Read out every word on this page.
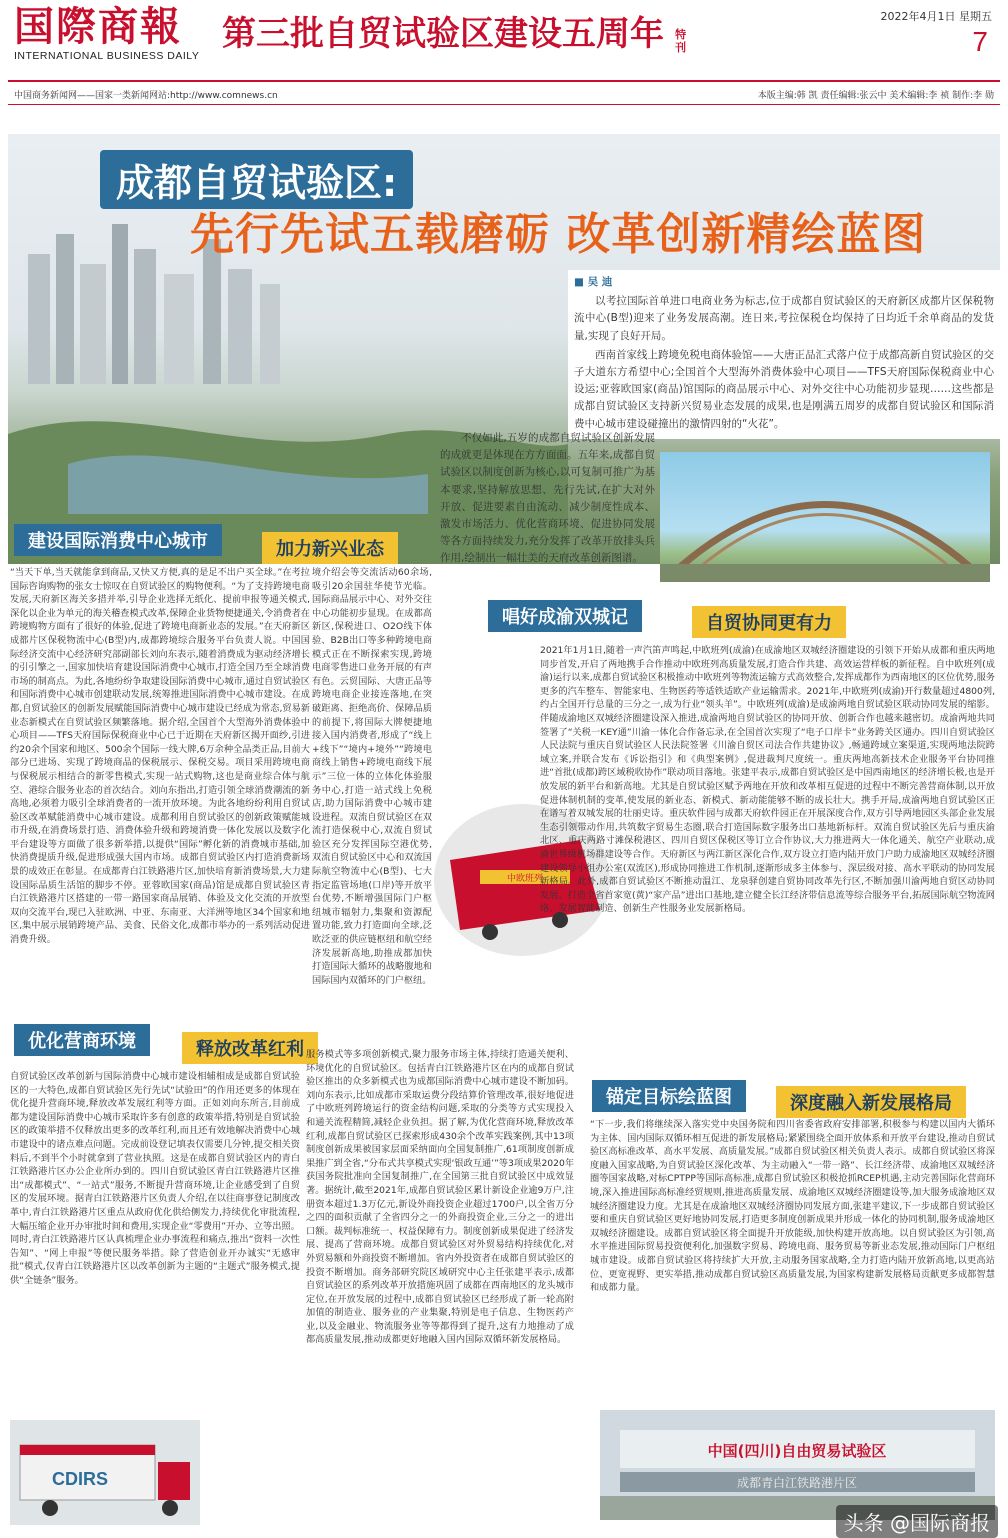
国際商報
INTERNATIONAL BUSINESS DAILY
第三批自贸试验区建设五周年 特刊
2022年4月1日 星期五
7
中国商务新闻网——国家一类新闻网站:http://www.comnews.cn	本版主编:韩 凯 责任编辑:张云中 美术编辑:李 祯 制作:李 勋
成都自贸试验区:
先行先试五载磨砺 改革创新精绘蓝图
■ 吴 迪

以考拉国际首单进口电商业务为标志,位于成都自贸试验区的天府新区成都片区保税物流中心(B型)迎来了业务发展高潮。连日来,考拉保税仓均保持了日均近千余单商品的发货量,实现了良好开局。

西南首家线上跨境免税电商体验馆——大唐正品汇式落户位于成都高新自贸试验区的交子大道东方希望中心;全国首个大型海外消费体验中心项目——TFS天府国际保税商业中心设运;亚蓉欧国家(商品)馆国际的商品展示中心、对外交往中心功能初步显现……这些都是成都自贸试验区支持新兴贸易业态发展的成果,也是刚满五周岁的成都自贸试验区和国际消费中心城市建设碰撞出的激情四射的“火花”。

不仅如此,五岁的成都自贸试验区创新发展的成就更是体现在方方面面。五年来,成都自贸试验区以制度创新为核心,以可复制可推广为基本要求,坚持解放思想、先行先试,在扩大对外开放、促进要素自由流动、减少制度性成本、激发市场活力、优化营商环境、促进协同发展等各方面持续发力,充分发挥了改革开放排头兵作用,绘制出一幅壮美的天府改革创新图谱。
建设国际消费中心城市	加力新兴业态
“当天下单,当天就能拿到商品,又快又方便,真的是足不出户买全球。”在考拉国际咨询购物的张女士惊叹在自贸试验区的购物便利。“为了支持跨境电商发展,天府新区海关多措并举,引导企业选择无纸化、提前申报等通关模式,深化以企业为单元的海关稽查模式改革,保障企业货物便捷通关,令消费者在跨境购物方面有了很好的体验,促进了跨境电商新业态的发展。”在天府新区成都片区保税物流中心(B型)内,成都跨境综合服务平台负责人说。中国国际经济交流中心经济研究部副部长刘向东表示,随着消费成为驱动经济增长的引引擎之一,国家加快培育建设国际消费中心城市,打造全国乃至全球消费市场的制高点。为此,各地纷纷争取建设国际消费中心城市,通过自贸试验区和国际消费中心城市创建联动发展,统筹推进国际消费中心城市建设。在成都,自贸试验区的创新发展赋能国际消费中心城市建设已经成为常态,贸易新业态新模式在自贸试验区频繁落地。据介绍,全国首个大型海外消费体验中心项目——TFS天府国际保税商业中心已于近期在天府新区揭开面纱,引进约20余个国家和地区、500余个国际一线大牌,6万余种全品类正品,目前大部分已进场、实现了跨境商品的保税展示、保税交易。项目采用跨境电商与保税展示相结合的新零售模式,实现一站式购物,这也是商业综合体与航空、港综合服务业态的首次结合。刘向东指出,打造引领全球消费潮流的新高地,必须着力吸引全球消费者的一流开放环境。为此各地纷纷利用自贸试验区改革赋能消费中心城市建设。成都利用自贸试验区的创新政策赋能城市升级,在消费场景打造、消费体验升级和跨境消费一体化发展以及数字化平台建设等方面做了很多新举措,以提供“国际”孵化新的消费城市基础,加快消费提质升级,促进形成强大国内市场。成都自贸试验区内打造消费新场景的成效正在彰显。在成都青白江铁路港片区,加快培育新消费场景,大力建设国际品质生活馆的脚步不停。亚蓉欧国家(商品)馆是成都自贸试验区青白江铁路港片区搭建的一带一路国家商品展销、体验及文化交流的开放型双向交流平台,现已入驻欧洲、中亚、东南亚、大洋洲等地区34个国家和地区,集中展示展销跨境产品、美食、民俗文化,成都市举办的一系列活动促进消费升级。
境介绍会等交流活动60余场,吸引20余国驻华使节光临。国际商品展示中心、对外交往中心功能初步显现。在成都高新区,保税进口、O2O线下体验、B2B出口等多种跨境电商模式正在不断探索实现,跨境电商零售进口业务开展的有声有色。云贸国际、大唐正品等跨境电商企业接连落地,在突破距离、拒绝高价、保障品质的前提下,将国际大牌便捷地接入国内消费者,形成了“线上+线下”“境内+境外”“跨境电商线上销售+跨境电商线下展示”三位一体的立体化体验服务中心,打造一站式线上免税店,助力国际消费中心城市建设进程。双流自贸试验区在双流打造保税中心,双流自贸试验区充分发挥国际空港优势,双流自贸试验区中心和双流国际航空物流中心(B型)、七大指定监管场地(口岸)等开放平台优势,不断增强国际门户枢纽城市辐射力,集聚和资源配置功能,致力打造面向全球,泛欧泛亚的供应链枢纽和航空经济发展新高地,助推成都加快打造国际大循环的战略腹地和国际国内双循环的门户枢纽。
中欧班列
唱好成渝双城记	自贸协同更有力
2021年1月1日,随着一声汽笛声鸣起,中欧班列(成渝)在成渝地区双城经济圈建设的引领下开始从成都和重庆两地同步首发,开启了两地携手合作推动中欧班列高质量发展,打造合作共建、高效运营样板的新征程。自中欧班列(成渝)运行以来,成都自贸试验区积极推动中欧班列等物流运输方式高效整合,发挥成都作为西南地区的区位优势,服务更多的汽车整车、智能家电、生物医药等适铁适欧产业运输需求。2021年,中欧班列(成渝)开行数量超过4800列,约占全国开行总量的三分之一,成为行业“领头羊”。中欧班列(成渝)是成渝两地自贸试验区联动协同发展的缩影。伴随成渝地区双城经济圈建设深入推进,成渝两地自贸试验区的协同开放、创新合作也越来越密切。成渝两地共同签署了“关税一KEY通”川渝一体化合作备忘录,在全国首次实现了“电子口岸卡”业务跨关区通办。四川自贸试验区人民法院与重庆自贸试验区人民法院签署《川渝自贸区司法合作共建协议》,畅通跨域立案渠道,实现两地法院跨域立案,并联合发布《诉讼指引》和《典型案例》,促进裁判尺度统一。重庆两地高新技术企业服务平台协同推进“首批(成都)跨区域税收协作”联动项目落地。张建平表示,成都自贸试验区是中国西南地区的经济增长极,也是开放发展的新平台和新高地。尤其是自贸试验区赋予两地在开放和改革相互促进的过程中不断完善营商体制,以开放促进体制机制的变革,使发展的新业态、新模式、新动能能够不断的成长壮大。携手开局,成渝两地自贸试验区正在谱写着双城发展的壮丽史诗。重庆软件园与成都天府软件园正在开展深度合作,双方引导两地园区头部企业发展生态引领带动作用,共筑数字贸易生态圈,联合打造国际数字服务出口基地新标杆。双流自贸试验区先后与重庆渝北区、重庆两路寸滩保税港区、四川自贸区保税区等订立合作协议,大力推进两大一体化通关、航空产业联动,成渝世界级机场群建设等合作。天府新区与两江新区深化合作,双方设立打造内陆开放门户助力成渝地区双城经济圈建设领导小组办公室(双流区),形成协同推进工作机制,逐渐形成多主体参与、深层级对接、高水平联动的协同发展新格局。此外,成都自贸试验区不断推动温江、龙泉驿创建自贸协同改革先行区,不断加强川渝两地自贸区动协同发展。打造全省首家宽(黄)“家产品”进出口基地,建立健全长江经济带信息流等综合服务平台,拓展国际航空物流网络、发展智能制造、创新生产性服务业发展新格局。
优化营商环境	释放改革红利
自贸试验区改革创新与国际消费中心城市建设相辅相成是成都自贸试验区的一大特色,成都自贸试验区先行先试“试验田”的作用还更多的体现在优化提升营商环境,释放改革发展红利等方面。正如刘向东所言,目前成都为建设国际消费中心城市采取许多有创意的政策举措,特别是自贸试验区的政策举措不仅释放出更多的改革红利,而且还有效地解决消费中心城市建设中的诸点难点问题。完成前设登记填表仅需要几分钟,提交相关资料后,不到半个小时就拿到了营业执照。这是在成都自贸试验区内的青白江铁路港片区办公企业所办到的。四川自贸试验区青白江铁路港片区推出“成都模式”、“一站式”服务,不断提升营商环境,让企业感受到了自贸区的发展环境。据青白江铁路港片区负责人介绍,在以往商事登记制度改革中,青白江铁路港片区重点从政府优化供给侧发力,持续优化审批流程,大幅压缩企业开办审批时间和费用,实现企业“零费用”开办、立等出照。同时,青白江铁路港片区认真梳理企业办事流程和痛点,推出“资料一次性告知”、“网上申报”等便民服务举措。除了营造创业开办诚实“无感审批”模式,仅青白江铁路港片区以改革创新为主题的“主题式”服务模式,提供“全链条”服务。
服务模式等多项创新模式,聚力服务市场主体,持续打造通关便利、环境优化的自贸试验区。包括青白江铁路港片区在内的成都自贸试验区推出的众多新模式也为成都国际消费中心城市建设不断加码。刘向东表示,比如成都市采取运费分段结算价管理改革,很好地促进了中欧班列跨境运行的资金结构问题,采取的分类等方式实现投入和通关流程精简,减轻企业负担。据了解,为优化营商环境,释放改革红利,成都自贸试验区已探索形成430余个改革实践案例,其中13项制度创新成果被国家层面采纳面向全国复制推广,61项制度创新成果推广到全省,“分布式共享模式实现‘银政互通’”等3项成果2020年获国务院批准向全国复制推广,在全国第三批自贸试验区中成效显著。据统计,截至2021年,成都自贸试验区累计新设企业逾9万户,注册资本超过1.3万亿元,新设外商投资企业超过1700户,以全省万分之四的面积贡献了全省四分之一的外商投资企业,三分之一的进出口额。裁判标准统一、权益保障有力。制度创新成果促进了经济发展、提高了营商环境。成都自贸试验区对外贸易结构持续优化,对外贸易额和外商投资不断增加。省内外投资者在成都自贸试验区的投资不断增加。商务部研究院区域研究中心主任张建平表示,成都自贸试验区的系列改革开放措施巩固了成都在西南地区的龙头城市定位,在开放发展的过程中,成都自贸试验区已经形成了新一轮高附加值的制造业、服务业的产业集聚,特别是电子信息、生物医药产业,以及金融业、物流服务业等等都得到了提升,这有力地推动了成都高质量发展,推动成都更好地融入国内国际双循环新发展格局。
CDIRS
锚定目标绘蓝图	深度融入新发展格局
“下一步,我们将继续深入落实党中央国务院和四川省委省政府安排部署,积极参与构建以国内大循环为主体、国内国际双循环相互促进的新发展格局;紧紧围绕全面开放体系和开放平台建设,推动自贸试验区高标准改革、高水平发展、高质量发展。”成都自贸试验区相关负责人表示。成都自贸试验区将深度融入国家战略,为自贸试验区深化改革、为主动融入“一带一路”、长江经济带、成渝地区双城经济圈等国家战略,对标CPTPP等国际高标准,成都自贸试验区积极抢抓RCEP机遇,主动完善国际化营商环境,深入推进国际高标准经贸规则,推进高质量发展、成渝地区双城经济圈建设等,加大服务成渝地区双城经济圈建设力度。尤其是在成渝地区双城经济圈协同发展方面,张建平建议,下一步成都自贸试验区要和重庆自贸试验区更好地协同发展,打造更多制度创新成果并形成一体化的协同机制,服务成渝地区双城经济圈建设。成都自贸试验区将全面提升开放能级,加快构建开放高地。以自贸试验区为引领,高水平推进国际贸易投资便利化,加强数字贸易、跨境电商、服务贸易等新业态发展,推动国际门户枢纽城市建设。成都自贸试验区将持续扩大开放,主动服务国家战略,全力打造内陆开放新高地,以更高站位、更宽视野、更实举措,推动成都自贸试验区高质量发展,为国家构建新发展格局贡献更多成都智慧和成都力量。
中国(四川)自由贸易试验区
成都青白江铁路港片区
头条 @国际商报
